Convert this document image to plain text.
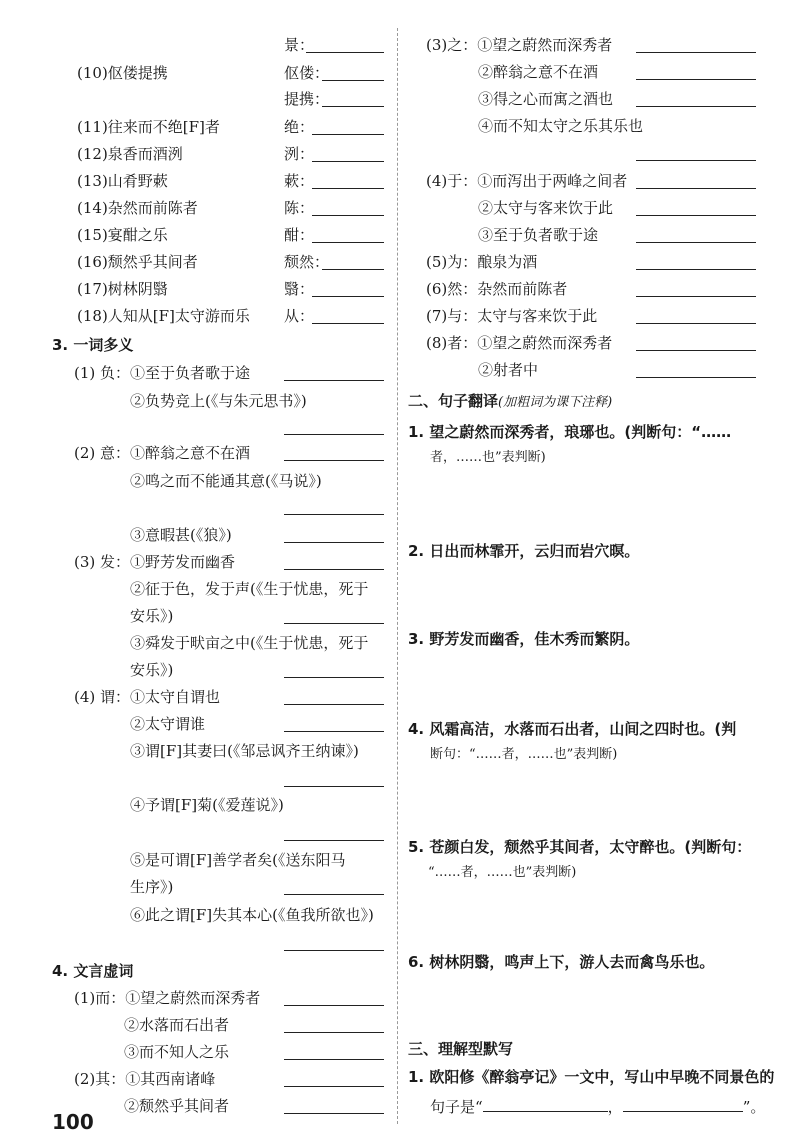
景：
(10)伛偻提携	伛偻：
提携：
(11)往来而不绝[F]者	绝：
(12)泉香而酒洌	洌：
(13)山肴野蔌	蔌：
(14)杂然而前陈者	陈：
(15)宴酣之乐	酣：
(16)颓然乎其间者	颓然：
(17)树林阴翳	翳：
(18)人知从[F]太守游而乐 从：
3. 一词多义
(1) 负：①至于负者歌于途
②负势竞上(《与朱元思书》)
(2) 意：①醉翁之意不在酒
②鸣之而不能通其意(《马说》)
③意暇甚(《狼》)
(3) 发：①野芳发而幽香
②征于色，发于声(《生于忧患，死于
安乐》)
③舜发于畎亩之中(《生于忧患，死于
安乐》)
(4) 谓：①太守自谓也
②太守谓谁
③谓[F]其妻曰(《邹忌讽齐王纳谏》)
④予谓[F]菊(《爱莲说》)
⑤是可谓[F]善学者矣(《送东阳马
生序》)
⑥此之谓[F]失其本心(《鱼我所欲也》)
4. 文言虚词
(1)而：①望之蔚然而深秀者
②水落而石出者
③而不知人之乐
(2)其：①其西南诸峰
②颓然乎其间者
(3)之：①望之蔚然而深秀者
②醉翁之意不在酒
③得之心而寓之酒也
④而不知太守之乐其乐也
(4)于：①而泻出于两峰之间者
②太守与客来饮于此
③至于负者歌于途
(5)为：酿泉为酒
(6)然：杂然而前陈者
(7)与：太守与客来饮于此
(8)者：①望之蔚然而深秀者
②射者中
二、句子翻译(加粗词为课下注释)
1. 望之蔚然而深秀者，琅琊也。(判断句：“……
者，……也”表判断)
2. 日出而林霏开，云归而岩穴暝。
3. 野芳发而幽香，佳木秀而繁阴。
4. 风霜高洁，水落而石出者，山间之四时也。(判
断句：“……者，……也”表判断)
5. 苍颜白发，颓然乎其间者，太守醉也。(判断句：
“……者，……也”表判断)
6. 树林阴翳，鸣声上下，游人去而禽鸟乐也。
三、理解型默写
1. 欧阳修《醉翁亭记》一文中，写山中早晚不同景色的
句子是“	，	”。
100
